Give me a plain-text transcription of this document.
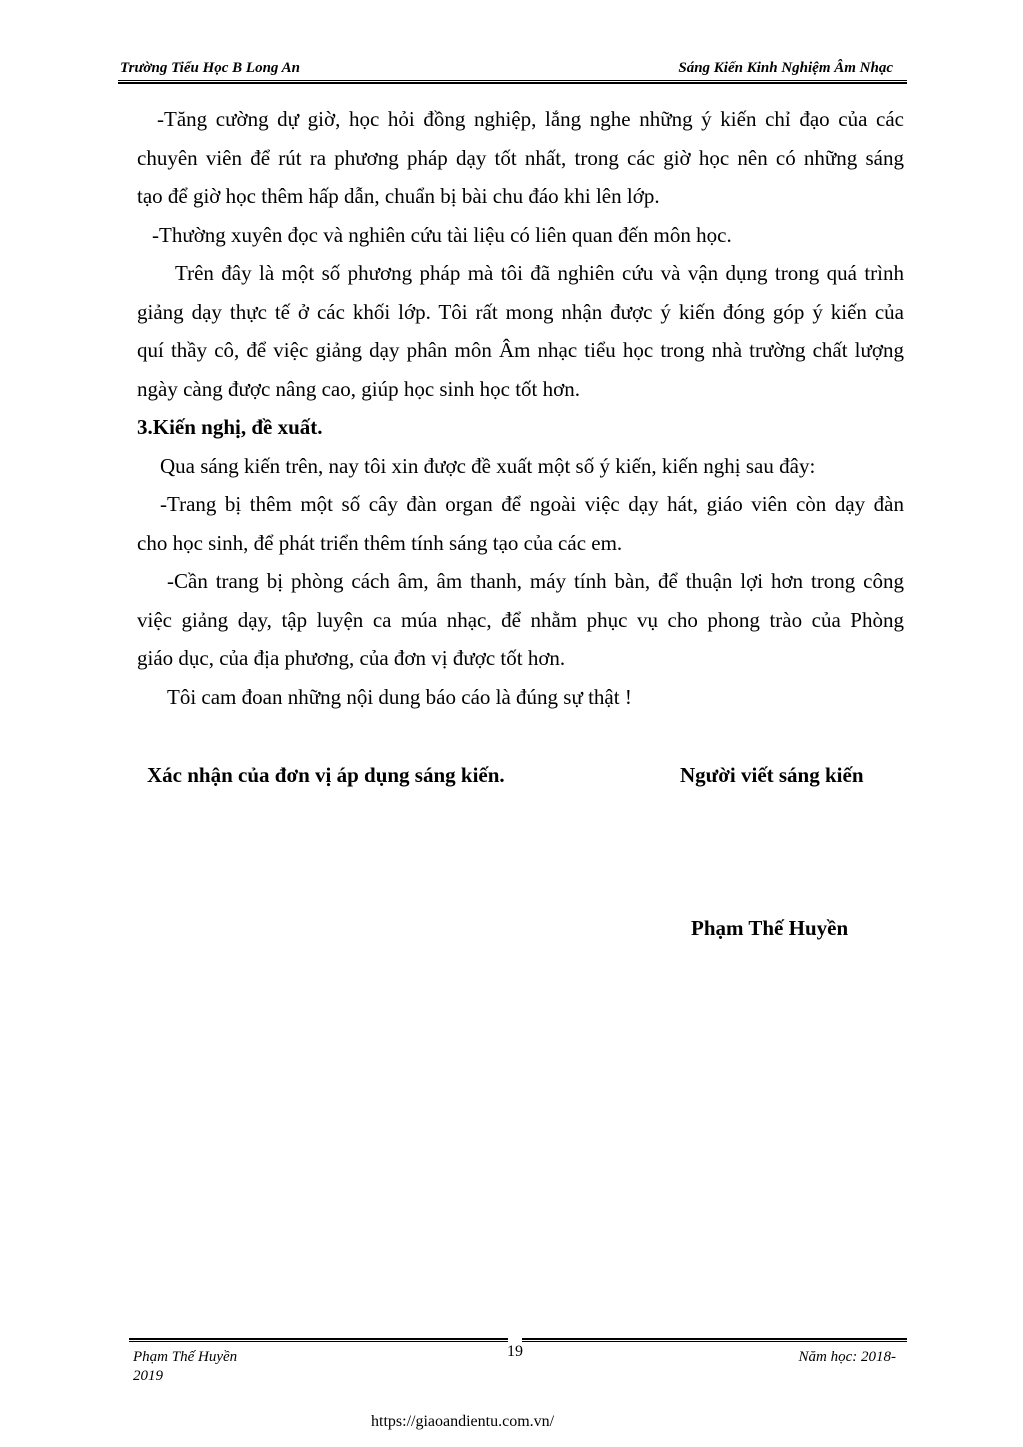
Trường Tiểu Học B Long An	Sáng Kiến Kinh Nghiệm Âm Nhạc
-Tăng cường dự giờ, học hỏi đồng nghiệp, lắng nghe những ý kiến chỉ đạo của các
chuyên viên để rút ra phương pháp dạy tốt nhất, trong các giờ học nên có những sáng
tạo để giờ học thêm hấp dẫn, chuẩn bị bài chu đáo khi lên lớp.
-Thường xuyên đọc và nghiên cứu tài liệu có liên quan đến môn học.
Trên đây là một số phương pháp mà tôi đã nghiên cứu và vận dụng trong quá trình
giảng dạy thực tế ở các khối lớp. Tôi rất mong nhận được ý kiến đóng góp ý kiến của
quí thầy cô, để việc giảng dạy phân môn Âm nhạc tiểu học trong nhà trường chất lượng
ngày càng được nâng cao, giúp học sinh học tốt hơn.
3.Kiến nghị, đề xuất.
Qua sáng kiến trên, nay tôi xin được đề xuất một số ý kiến, kiến nghị sau đây:
-Trang bị thêm một số cây đàn organ để ngoài việc dạy hát, giáo viên còn dạy đàn
cho học sinh, để phát triển thêm tính sáng tạo của các em.
-Cần trang bị phòng cách âm, âm thanh, máy tính bàn, để thuận lợi hơn trong công
việc giảng dạy, tập luyện ca múa nhạc, để nhằm phục vụ cho phong trào của Phòng
giáo dục, của địa phương, của đơn vị được tốt hơn.
Tôi cam đoan những nội dung báo cáo là đúng sự thật !
Xác nhận của đơn vị áp dụng sáng kiến.	Người viết sáng kiến
Phạm Thế Huyền
19
Phạm Thế Huyền	Năm học: 2018-
2019
https://giaoandientu.com.vn/
